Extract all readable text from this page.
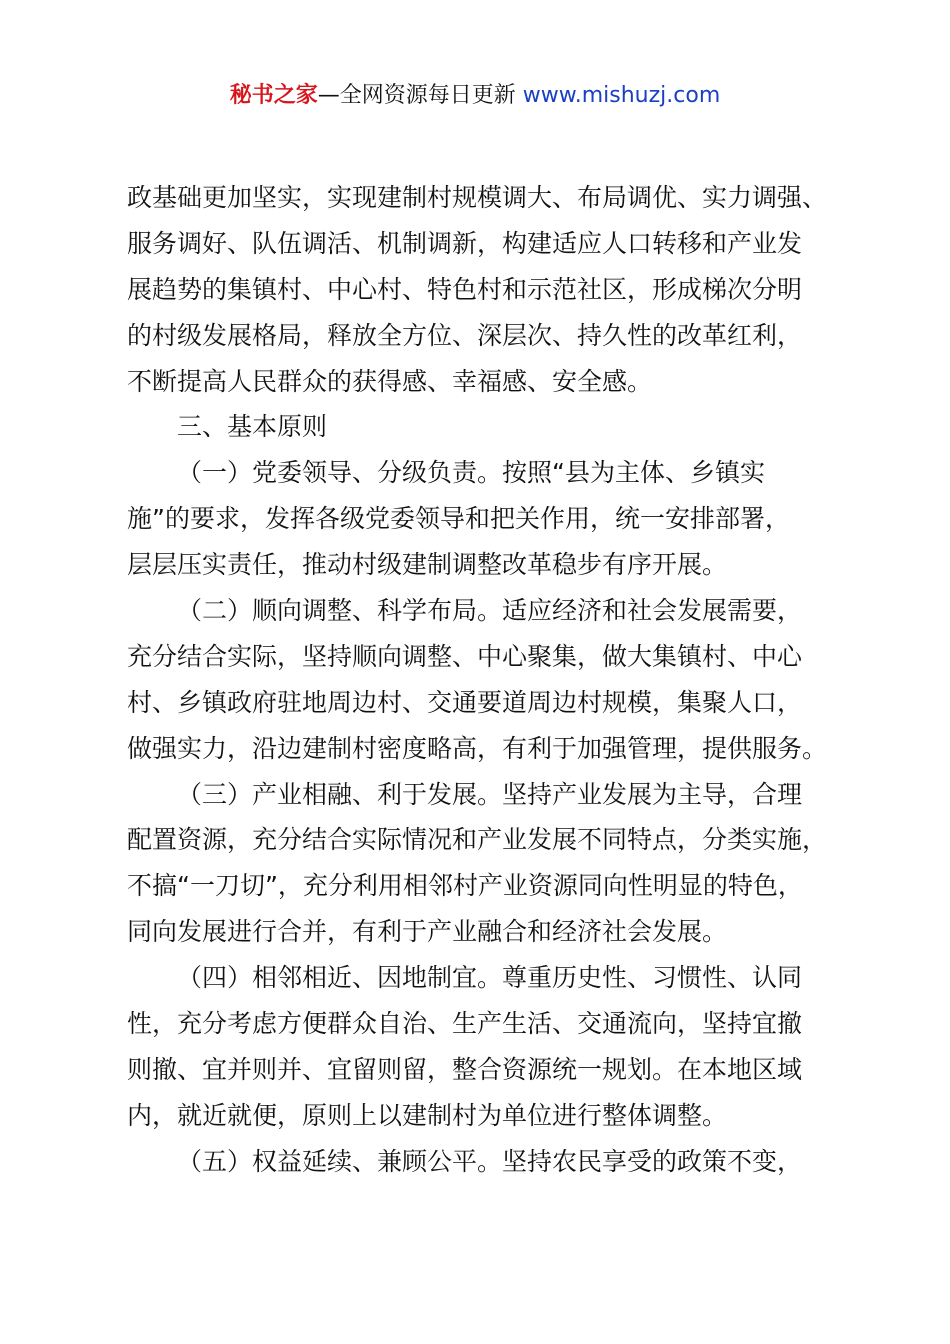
秘书之家—全网资源每日更新 www.mishuzj.com
政基础更加坚实，实现建制村规模调大、布局调优、实力调强、
服务调好、队伍调活、机制调新，构建适应人口转移和产业发
展趋势的集镇村、中心村、特色村和示范社区，形成梯次分明
的村级发展格局，释放全方位、深层次、持久性的改革红利，
不断提高人民群众的获得感、幸福感、安全感。
三、基本原则
（一）党委领导、分级负责。按照“县为主体、乡镇实
施”的要求，发挥各级党委领导和把关作用，统一安排部署，
层层压实责任，推动村级建制调整改革稳步有序开展。
（二）顺向调整、科学布局。适应经济和社会发展需要，
充分结合实际，坚持顺向调整、中心聚集，做大集镇村、中心
村、乡镇政府驻地周边村、交通要道周边村规模，集聚人口，
做强实力，沿边建制村密度略高，有利于加强管理，提供服务。
（三）产业相融、利于发展。坚持产业发展为主导，合理
配置资源，充分结合实际情况和产业发展不同特点，分类实施，
不搞“一刀切”，充分利用相邻村产业资源同向性明显的特色，
同向发展进行合并，有利于产业融合和经济社会发展。
（四）相邻相近、因地制宜。尊重历史性、习惯性、认同
性，充分考虑方便群众自治、生产生活、交通流向，坚持宜撤
则撤、宜并则并、宜留则留，整合资源统一规划。在本地区域
内，就近就便，原则上以建制村为单位进行整体调整。
（五）权益延续、兼顾公平。坚持农民享受的政策不变，
